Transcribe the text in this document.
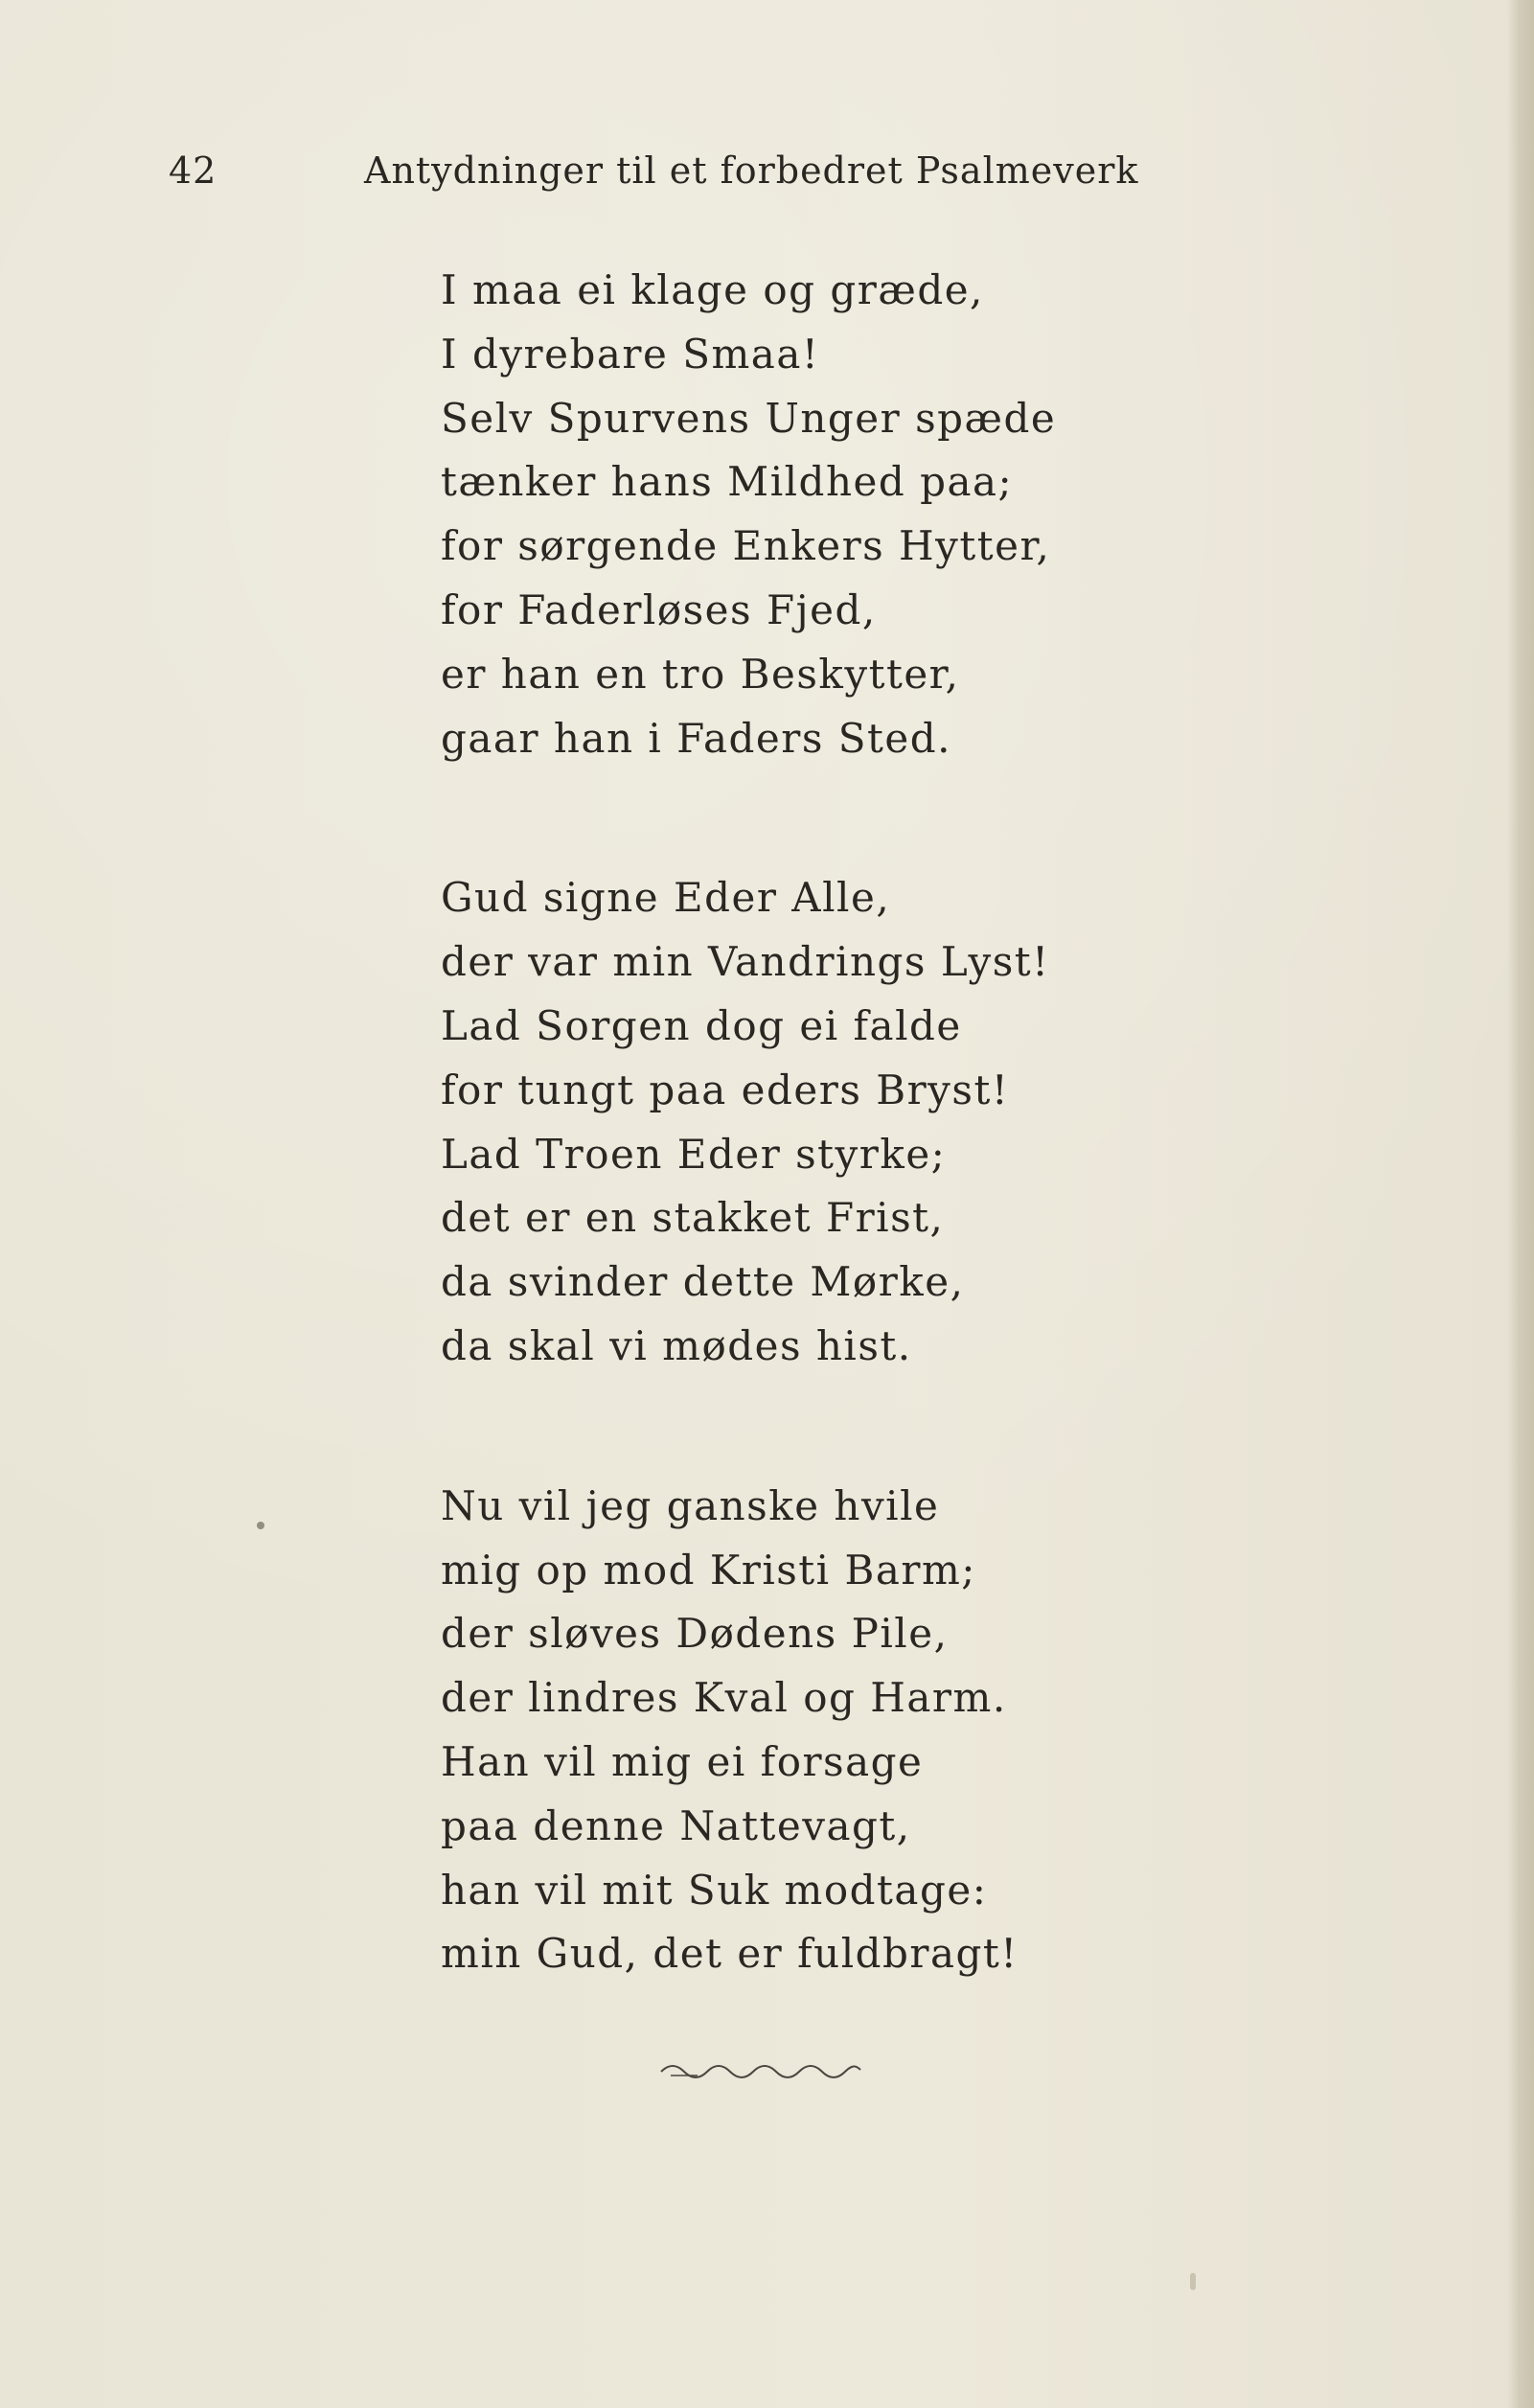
42	Antydninger til et forbedret Psalmeverk
I maa ei klage og græde,
I dyrebare Smaa!
Selv Spurvens Unger spæde
tænker hans Mildhed paa;
for sørgende Enkers Hytter,
for Faderløses Fjed,
er han en tro Beskytter,
gaar han i Faders Sted.
Gud signe Eder Alle,
der var min Vandrings Lyst!
Lad Sorgen dog ei falde
for tungt paa eders Bryst!
Lad Troen Eder styrke;
det er en stakket Frist,
da svinder dette Mørke,
da skal vi mødes hist.
Nu vil jeg ganske hvile
mig op mod Kristi Barm;
der sløves Dødens Pile,
der lindres Kval og Harm.
Han vil mig ei forsage
paa denne Nattevagt,
han vil mit Suk modtage:
min Gud, det er fuldbragt!
